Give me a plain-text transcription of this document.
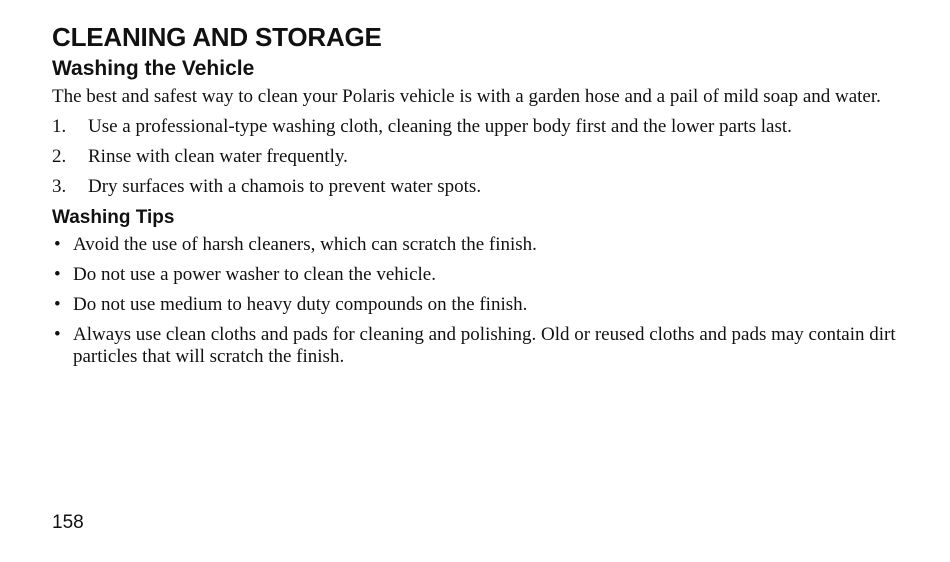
CLEANING AND STORAGE
Washing the Vehicle

The best and safest way to clean your Polaris vehicle is with a garden hose and a pail of mild soap and water.

1. Use a professional-type washing cloth, cleaning the upper body first and the lower parts last.
2. Rinse with clean water frequently.
3. Dry surfaces with a chamois to prevent water spots.
Washing Tips
• Avoid the use of harsh cleaners, which can scratch the finish.
• Do not use a power washer to clean the vehicle.
• Do not use medium to heavy duty compounds on the finish.
• Always use clean cloths and pads for cleaning and polishing. Old or reused cloths and pads may contain dirt particles that will scratch the finish.
158
